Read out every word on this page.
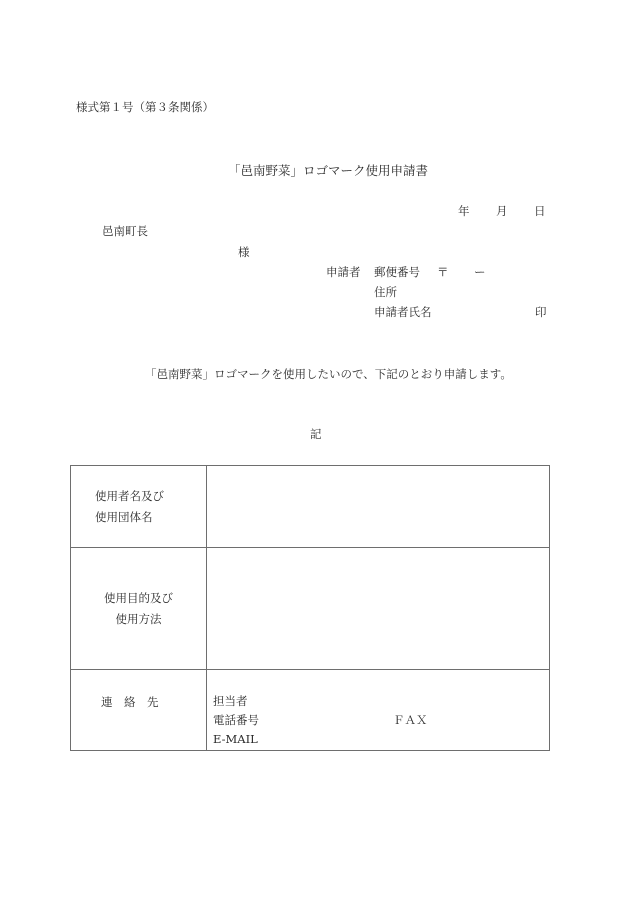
様式第１号（第３条関係）
「邑南野菜」ロゴマーク使用申請書
年 月 日
邑南町長
様
申請者 郵便番号 〒 ー
住所
申請者氏名	印
「邑南野菜」ロゴマークを使用したいので、下記のとおり申請します。
記
使用者名及び
使用団体名	

使用目的及び
使用方法	

連　絡　先	担当者
電話番号 ＦＡＸ
E-MAIL
